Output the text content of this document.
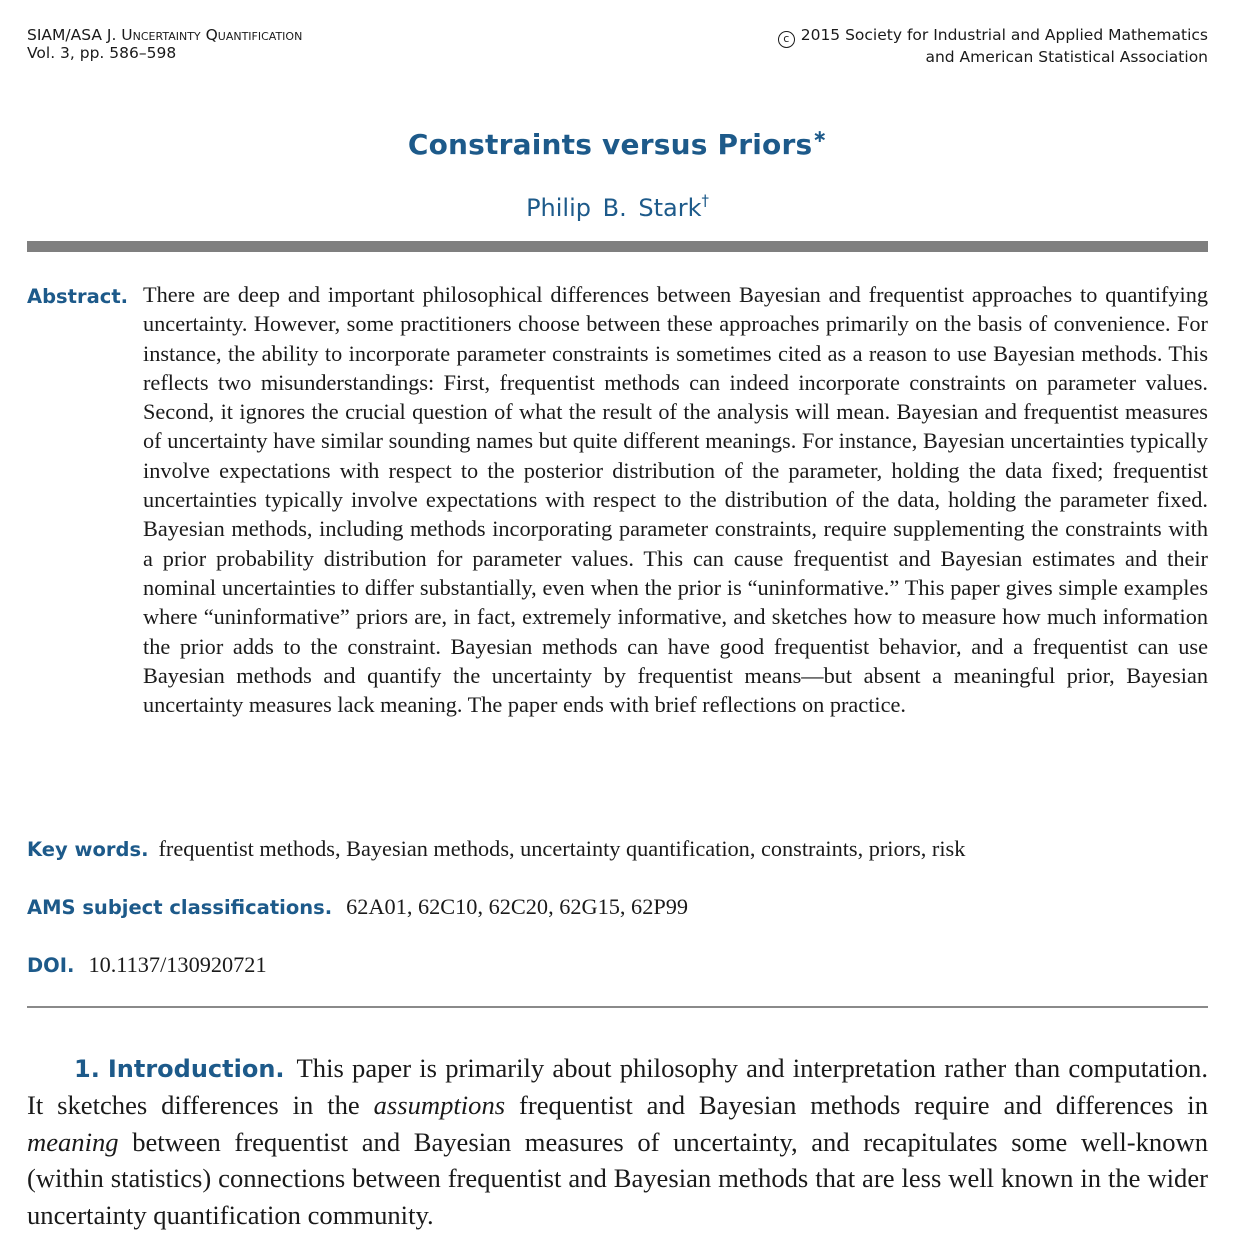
SIAM/ASA J. Uncertainty Quantification
Vol. 3, pp. 586–598
c 2015 Society for Industrial and Applied Mathematics
and American Statistical Association
Constraints versus Priors∗
Philip B. Stark†
Abstract. There are deep and important philosophical differences between Bayesian and frequentist approaches to quantifying uncertainty. However, some practitioners choose between these approaches primarily on the basis of convenience. For instance, the ability to incorporate parameter constraints is sometimes cited as a reason to use Bayesian methods. This reflects two misunderstandings: First, frequentist methods can indeed incorporate constraints on parameter values. Second, it ignores the crucial question of what the result of the analysis will mean. Bayesian and frequentist measures of uncertainty have similar sounding names but quite different meanings. For instance, Bayesian uncertainties typically involve expectations with respect to the posterior distribution of the parameter, holding the data fixed; frequentist uncertainties typically involve expectations with respect to the distribution of the data, holding the parameter fixed. Bayesian methods, including methods incorporating parameter constraints, require supplementing the constraints with a prior probability distribution for parameter values. This can cause frequentist and Bayesian estimates and their nominal uncertainties to differ substantially, even when the prior is “uninformative.” This paper gives simple examples where “uninformative” priors are, in fact, extremely informative, and sketches how to measure how much information the prior adds to the constraint. Bayesian methods can have good frequentist behavior, and a frequentist can use Bayesian methods and quantify the uncertainty by frequentist means—but absent a meaningful prior, Bayesian uncertainty measures lack meaning. The paper ends with brief reflections on practice.
Key words. frequentist methods, Bayesian methods, uncertainty quantification, constraints, priors, risk
AMS subject classifications. 62A01, 62C10, 62C20, 62G15, 62P99
DOI. 10.1137/130920721
1. Introduction. This paper is primarily about philosophy and interpretation rather than computation. It sketches differences in the assumptions frequentist and Bayesian methods require and differences in meaning between frequentist and Bayesian measures of uncertainty, and recapitulates some well-known (within statistics) connections between frequentist and Bayesian methods that are less well known in the wider uncertainty quantification community.
